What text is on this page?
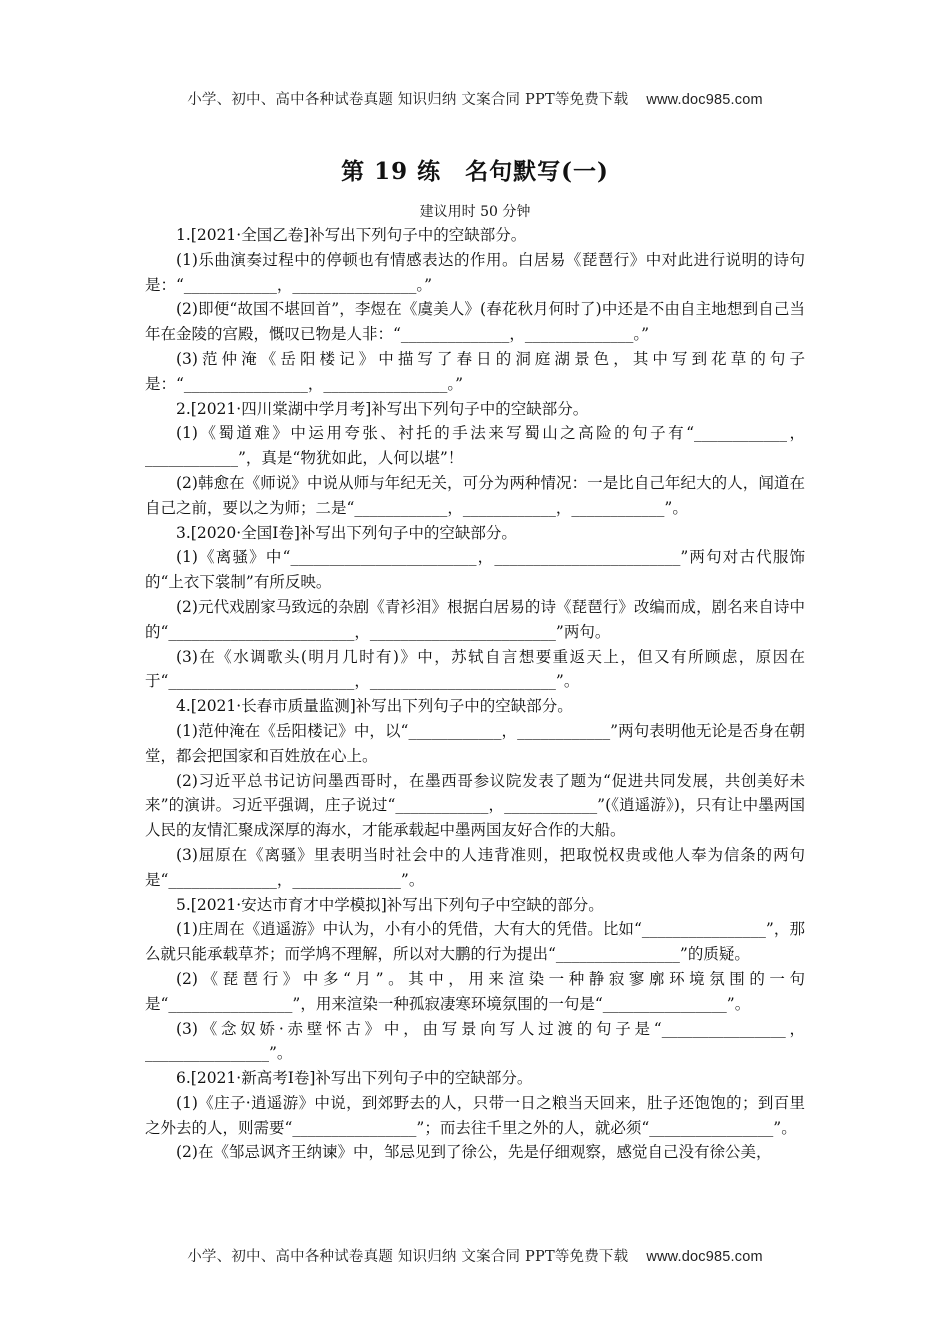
小学、初中、高中各种试卷真题 知识归纳 文案合同 PPT等免费下载 www.doc985.com
第 19 练　名句默写(一)
建议用时 50 分钟

1.[2021·全国乙卷]补写出下列句子中的空缺部分。

(1)乐曲演奏过程中的停顿也有情感表达的作用。白居易《琵琶行》中对此进行说明的诗句是：“____________，________________。”

(2)即便“故国不堪回首”，李煜在《虞美人》(春花秋月何时了)中还是不由自主地想到自己当年在金陵的宫殿，慨叹已物是人非：“______________，______________。”

(3)范仲淹《岳阳楼记》中描写了春日的洞庭湖景色，其中写到花草的句子是：“________________，________________。”

2.[2021·四川棠湖中学月考]补写出下列句子中的空缺部分。

(1)《蜀道难》中运用夸张、衬托的手法来写蜀山之高险的句子有“____________，____________”，真是“物犹如此，人何以堪”！

(2)韩愈在《师说》中说从师与年纪无关，可分为两种情况：一是比自己年纪大的人，闻道在自己之前，要以之为师；二是“____________，____________，____________”。

3.[2020·全国Ⅰ卷]补写出下列句子中的空缺部分。

(1)《离骚》中“________________________，________________________”两句对古代服饰的“上衣下裳制”有所反映。

(2)元代戏剧家马致远的杂剧《青衫泪》根据白居易的诗《琵琶行》改编而成，剧名来自诗中的“________________________，________________________”两句。

(3)在《水调歌头(明月几时有)》中，苏轼自言想要重返天上，但又有所顾虑，原因在于“________________________，________________________”。

4.[2021·长春市质量监测]补写出下列句子中的空缺部分。

(1)范仲淹在《岳阳楼记》中，以“____________，____________”两句表明他无论是否身在朝堂，都会把国家和百姓放在心上。

(2)习近平总书记访问墨西哥时，在墨西哥参议院发表了题为“促进共同发展，共创美好未来”的演讲。习近平强调，庄子说过“____________，____________”(《逍遥游》)，只有让中墨两国人民的友情汇聚成深厚的海水，才能承载起中墨两国友好合作的大船。

(3)屈原在《离骚》里表明当时社会中的人违背准则，把取悦权贵或他人奉为信条的两句是“______________，______________”。

5.[2021·安达市育才中学模拟]补写出下列句子中空缺的部分。

(1)庄周在《逍遥游》中认为，小有小的凭借，大有大的凭借。比如“________________”，那么就只能承载草芥；而学鸠不理解，所以对大鹏的行为提出“________________”的质疑。

(2)《琵琶行》中多“月”。其中，用来渲染一种静寂寥廓环境氛围的一句是“________________”，用来渲染一种孤寂凄寒环境氛围的一句是“________________”。

(3)《念奴娇·赤壁怀古》中，由写景向写人过渡的句子是“________________，________________”。

6.[2021·新高考Ⅰ卷]补写出下列句子中的空缺部分。

(1)《庄子·逍遥游》中说，到郊野去的人，只带一日之粮当天回来，肚子还饱饱的；到百里之外去的人，则需要“________________”；而去往千里之外的人，就必须“________________”。

(2)在《邹忌讽齐王纳谏》中，邹忌见到了徐公，先是仔细观察，感觉自己没有徐公美，

小学、初中、高中各种试卷真题 知识归纳 文案合同 PPT等免费下载 www.doc985.com
